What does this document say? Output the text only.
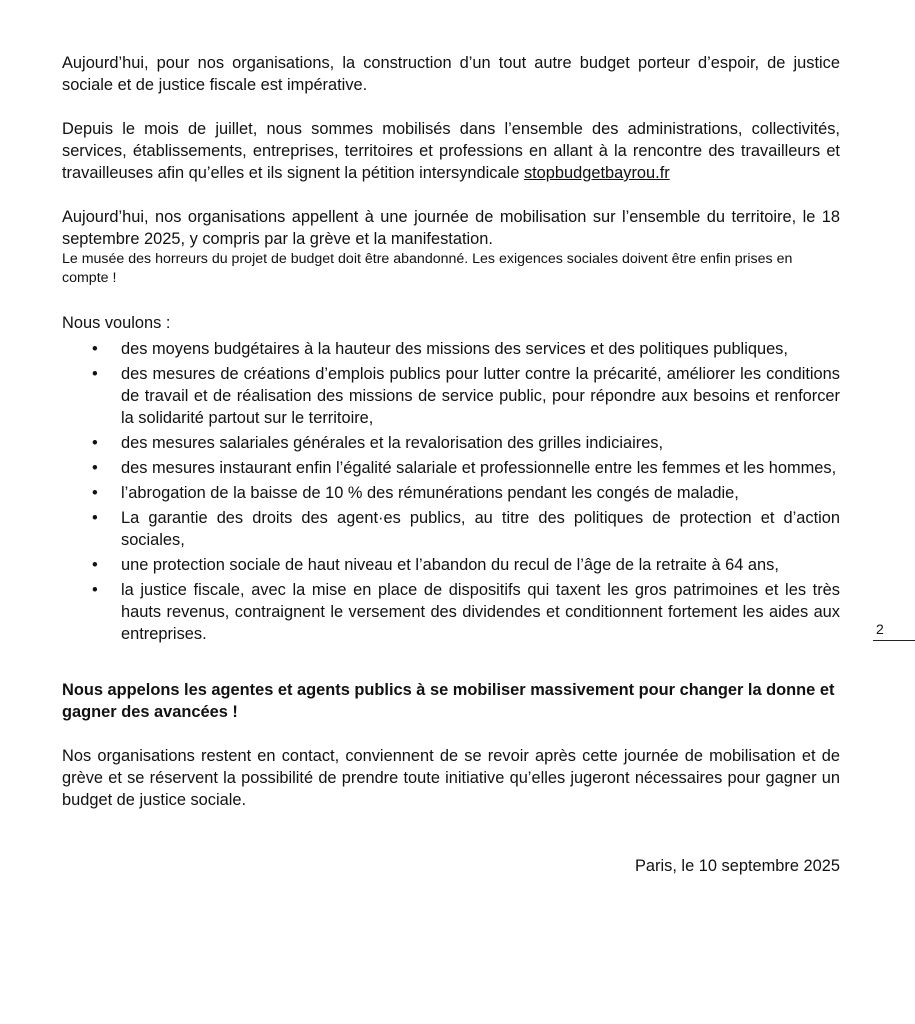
Aujourd’hui, pour nos organisations, la construction d’un tout autre budget porteur d’espoir, de justice sociale et de justice fiscale est impérative.

Depuis le mois de juillet, nous sommes mobilisés dans l’ensemble des administrations, collectivités, services, établissements, entreprises, territoires et professions en allant à la rencontre des travailleurs et travailleuses afin qu’elles et ils signent la pétition intersyndicale stopbudgetbayrou.fr

Aujourd’hui, nos organisations appellent à une journée de mobilisation sur l’ensemble du territoire, le 18 septembre 2025, y compris par la grève et la manifestation.

Le musée des horreurs du projet de budget doit être abandonné. Les exigences sociales doivent être enfin prises en compte !

Nous voulons :

• des moyens budgétaires à la hauteur des missions des services et des politiques publiques,
• des mesures de créations d’emplois publics pour lutter contre la précarité, améliorer les conditions de travail et de réalisation des missions de service public, pour répondre aux besoins et renforcer la solidarité partout sur le territoire,
• des mesures salariales générales et la revalorisation des grilles indiciaires,
• des mesures instaurant enfin l’égalité salariale et professionnelle entre les femmes et les hommes,
• l’abrogation de la baisse de 10 % des rémunérations pendant les congés de maladie,
• La garantie des droits des agent·es publics, au titre des politiques de protection et d’action sociales,
• une protection sociale de haut niveau et l’abandon du recul de l’âge de la retraite à 64 ans,
• la justice fiscale, avec la mise en place de dispositifs qui taxent les gros patrimoines et les très hauts revenus, contraignent le versement des dividendes et conditionnent fortement les aides aux entreprises.

Nous appelons les agentes et agents publics à se mobiliser massivement pour changer la donne et gagner des avancées !

Nos organisations restent en contact, conviennent de se revoir après cette journée de mobilisation et de grève et se réservent la possibilité de prendre toute initiative qu’elles jugeront nécessaires pour gagner un budget de justice sociale.

Paris, le 10 septembre 2025

2
